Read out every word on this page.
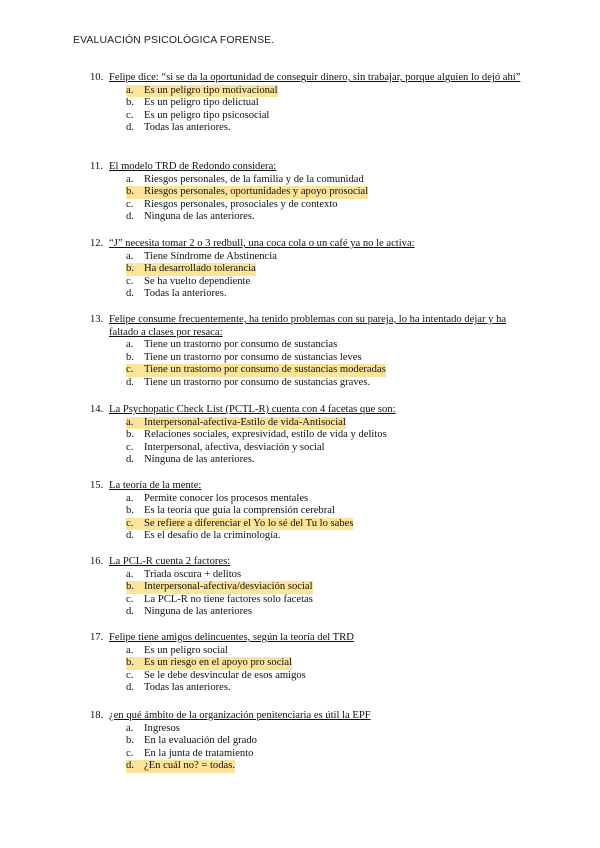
EVALUACIÓN PSICOLÓGICA FORENSE.
10. Felipe dice: “si se da la oportunidad de conseguir dinero, sin trabajar, porque alguien lo dejó ahí”
a.	Es un peligro tipo motivacional
b. Es un peligro tipo delictual
c.	Es un peligro tipo psicosocial
d. Todas las anteriores.
11. El modelo TRD de Redondo considera:
a.	Riesgos personales, de la familia y de la comunidad
b. Riesgos personales, oportunidades y apoyo prosocial
c.	Riesgos personales, prosociales y de contexto
d. Ninguna de las anteriores.
12. “J” necesita tomar 2 o 3 redbull, una coca cola o un café ya no le activa:
a.	Tiene Síndrome de Abstinencia
b. Ha desarrollado tolerancia
c.	Se ha vuelto dependiente
d. Todas la anteriores.
13. Felipe consume frecuentemente, ha tenido problemas con su pareja, lo ha intentado dejar y ha faltado a clases por resaca:
a.	Tiene un trastorno por consumo de sustancias
b. Tiene un trastorno por consumo de sustancias leves
c.	Tiene un trastorno por consumo de sustancias moderadas
d. Tiene un trastorno por consumo de sustancias graves.
14. La Psychopatic Check List (PCTL-R) cuenta con 4 facetas que son:
a.	Interpersonal-afectiva-Estilo de vida-Antisocial
b. Relaciones sociales, expresividad, estilo de vida y delitos
c.	Interpersonal, afectiva, desviación y social
d. Ninguna de las anteriores.
15. La teoría de la mente:
a.	Permite conocer los procesos mentales
b. Es la teoría que guía la comprensión cerebral
c.	Se refiere a diferenciar el Yo lo sé del Tu lo sabes
d. Es el desafío de la criminología.
16. La PCL-R cuenta 2 factores:
a.	Triada oscura + delitos
b. Interpersonal-afectiva/desviación social
c.	La PCL-R no tiene factores solo facetas
d. Ninguna de las anteriores
17. Felipe tiene amigos delincuentes, según la teoría del TRD
a.	Es un peligro social
b. Es un riesgo en el apoyo pro social
c.	Se le debe desvincular de esos amigos
d. Todas las anteriores.
18. ¿en qué ámbito de la organización penitenciaria es útil la EPF
a.	Ingresos
b. En la evaluación del grado
c.	En la junta de tratamiento
d. ¿En cuál no? = todas.
